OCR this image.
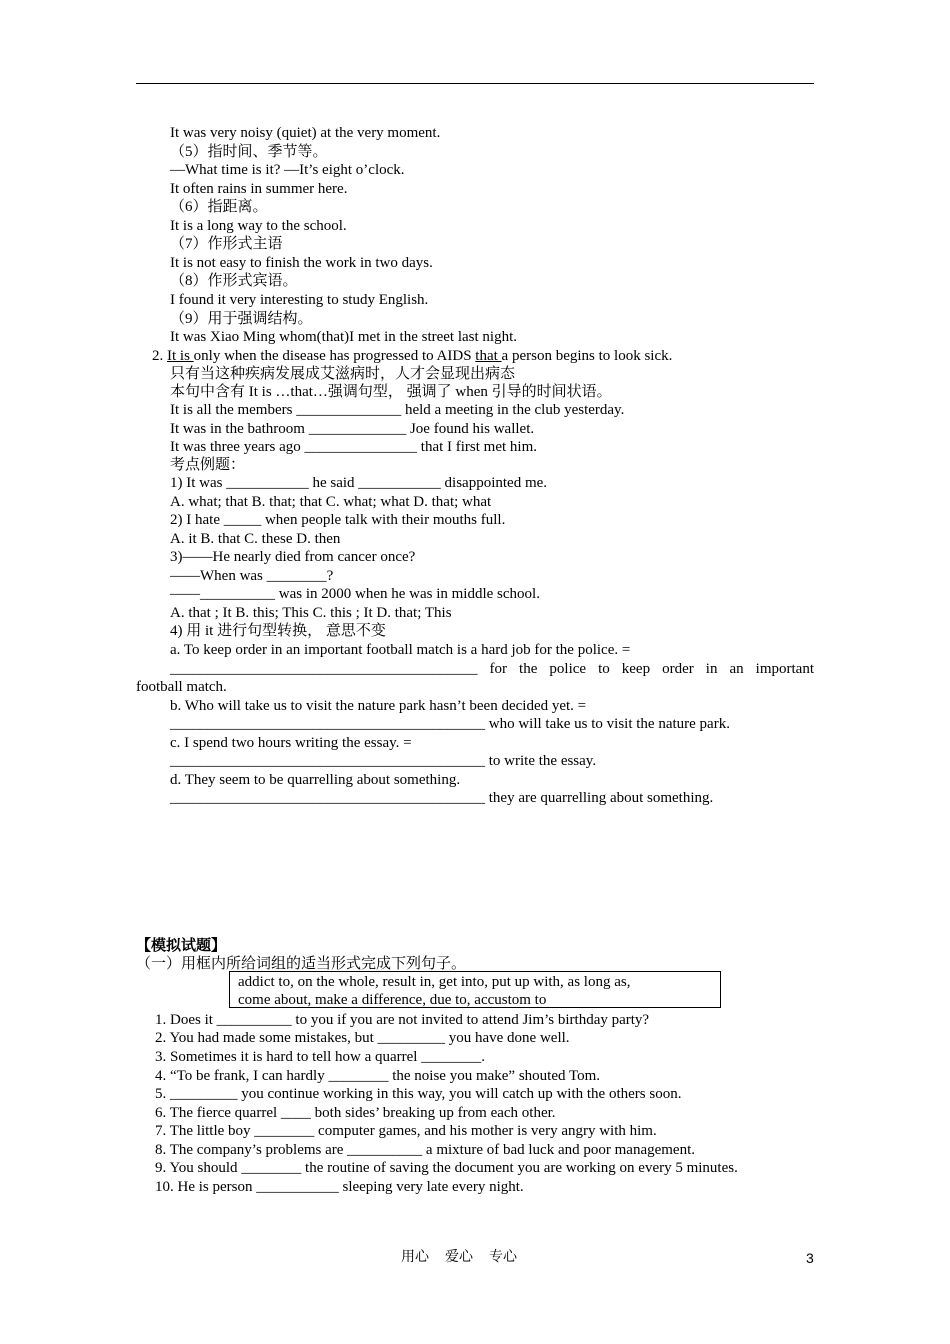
It was very noisy (quiet) at the very moment.
（5）指时间、季节等。
—What time is it? —It’s eight o’clock.
It often rains in summer here.
（6）指距离。
It is a long way to the school.
（7）作形式主语
It is not easy to finish the work in two days.
（8）作形式宾语。
I found it very interesting to study English.
（9）用于强调结构。
It was Xiao Ming whom(that)I met in the street last night.
2. It is only when the disease has progressed to AIDS that a person begins to look sick.
只有当这种疾病发展成艾滋病时，人才会显现出病态
本句中含有 It is …that…强调句型， 强调了 when 引导的时间状语。
It is all the members ______________ held a meeting in the club yesterday.
It was in the bathroom _____________ Joe found his wallet.
It was three years ago _______________ that I first met him.
考点例题：
1) It was ___________ he said ___________ disappointed me.
A. what; that B. that; that C. what; what D. that; what
2) I hate _____ when people talk with their mouths full.
A. it B. that C. these D. then
3)——He nearly died from cancer once?
——When was ________?
——__________ was in 2000 when he was in middle school.
A. that ; It B. this; This C. this ; It D. that; This
4) 用 it 进行句型转换， 意思不变
a. To keep order in an important football match is a hard job for the police. =
_________________________________________ for the police to keep order in an important
football match.
b. Who will take us to visit the nature park hasn’t been decided yet. =
__________________________________________ who will take us to visit the nature park.
c. I spend two hours writing the essay. =
__________________________________________ to write the essay.
d. They seem to be quarrelling about something.
__________________________________________ they are quarrelling about something.
【模拟试题】
（一）用框内所给词组的适当形式完成下列句子。
addict to, on the whole, result in, get into, put up with, as long as,
come about, make a difference, due to, accustom to
1. Does it __________ to you if you are not invited to attend Jim’s birthday party?
2. You had made some mistakes, but _________ you have done well.
3. Sometimes it is hard to tell how a quarrel ________.
4. “To be frank, I can hardly ________ the noise you make” shouted Tom.
5. _________ you continue working in this way, you will catch up with the others soon.
6. The fierce quarrel ____ both sides’ breaking up from each other.
7. The little boy ________ computer games, and his mother is very angry with him.
8. The company’s problems are __________ a mixture of bad luck and poor management.
9. You should ________ the routine of saving the document you are working on every 5 minutes.
10. He is person ___________ sleeping very late every night.
用心 爱心 专心	3
